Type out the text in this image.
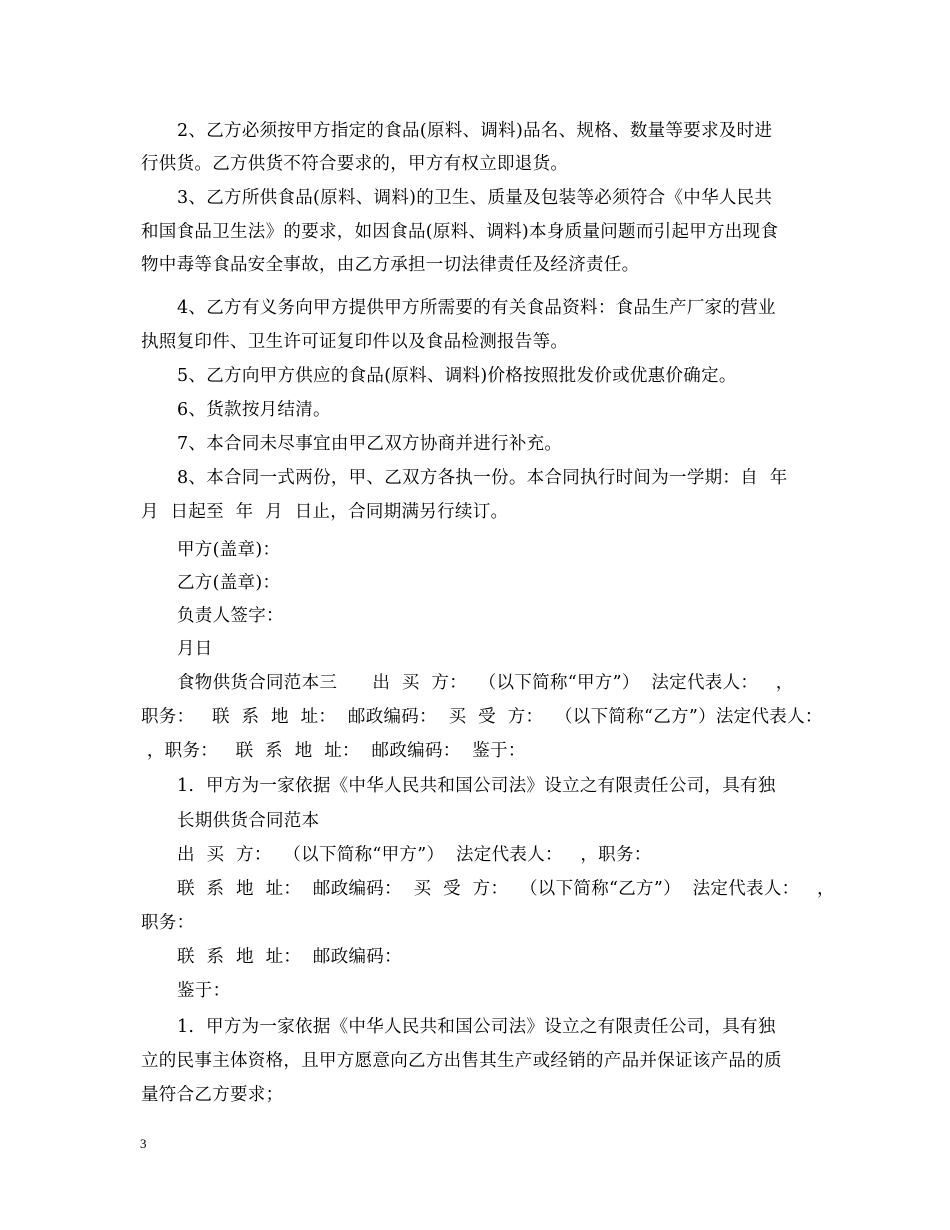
2、乙方必须按甲方指定的食品(原料、调料)品名、规格、数量等要求及时进
行供货。乙方供货不符合要求的，甲方有权立即退货。
3、乙方所供食品(原料、调料)的卫生、质量及包装等必须符合《中华人民共
和国食品卫生法》的要求，如因食品(原料、调料)本身质量问题而引起甲方出现食
物中毒等食品安全事故，由乙方承担一切法律责任及经济责任。
4、乙方有义务向甲方提供甲方所需要的有关食品资料：食品生产厂家的营业
执照复印件、卫生许可证复印件以及食品检测报告等。
5、乙方向甲方供应的食品(原料、调料)价格按照批发价或优惠价确定。
6、货款按月结清。
7、本合同未尽事宜由甲乙双方协商并进行补充。
8、本合同一式两份，甲、乙双方各执一份。本合同执行时间为一学期：自  年
月  日起至  年  月  日止，合同期满另行续订。
甲方(盖章)：
乙方(盖章)：
负责人签字：
月日
食物供货合同范本三      出  买  方：  （以下简称“甲方”）  法定代表人：   ，
职务：   联  系  地  址：  邮政编码：  买  受  方：  （以下简称“乙方”）法定代表人：
，职务：   联  系  地  址：  邮政编码：  鉴于：
1.  甲方为一家依据《中华人民共和国公司法》设立之有限责任公司，具有独
长期供货合同范本
出  买  方：  （以下简称“甲方”）  法定代表人：   ，职务：
联  系  地  址：  邮政编码：  买  受  方：  （以下简称“乙方”）  法定代表人：   ，
职务：
联  系  地  址：  邮政编码：
鉴于：
1.  甲方为一家依据《中华人民共和国公司法》设立之有限责任公司，具有独
立的民事主体资格，且甲方愿意向乙方出售其生产或经销的产品并保证该产品的质
量符合乙方要求；
3
